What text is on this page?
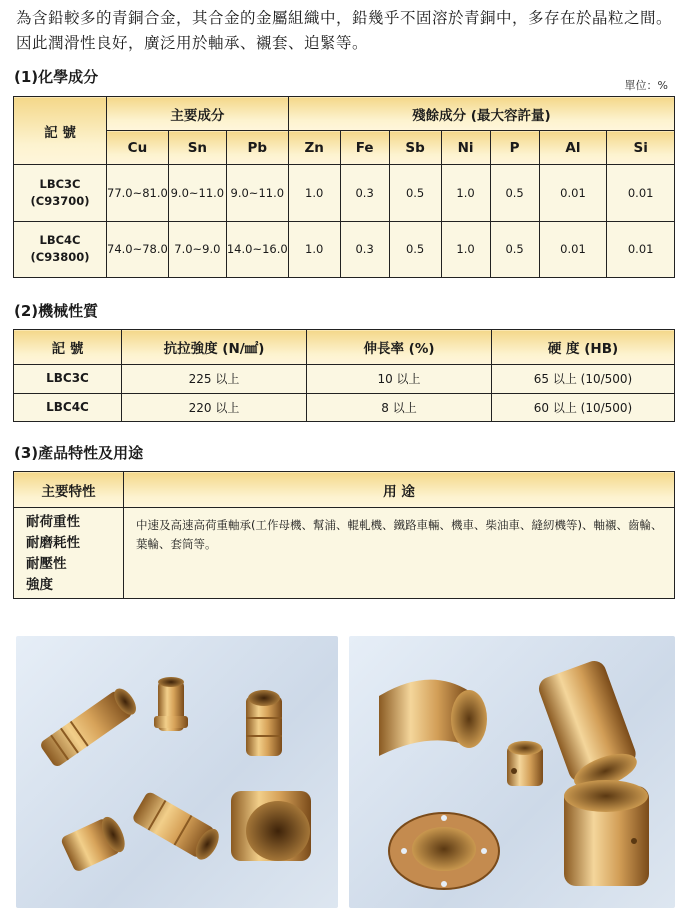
為含鉛較多的青銅合金，其合金的金屬組織中，鉛幾乎不固溶於青銅中，多存在於晶粒之間。因此潤滑性良好，廣泛用於軸承、襯套、迫緊等。
(1)化學成分	單位：%
記 號	主要成分			殘餘成分 (最大容許量)						
	Cu	Sn	Pb	Zn	Fe	Sb	Ni	P	Al	Si

LBC3C
(C93700)	77.0~81.0	9.0~11.0	9.0~11.0	1.0	0.3	0.5	1.0	0.5	0.01	0.01

LBC4C
(C93800)	74.0~78.0	7.0~9.0	14.0~16.0	1.0	0.3	0.5	1.0	0.5	0.01	0.01
(2)機械性質
記 號	抗拉強度 (N/㎟)	伸長率 (%)	硬 度 (HB)
LBC3C	225 以上	10 以上	65 以上 (10/500)
LBC4C	220 以上	8 以上	60 以上 (10/500)
(3)產品特性及用途
主要特性	用 途

耐荷重性
耐磨耗性
耐壓性
強度	中速及高速高荷重軸承(工作母機、幫浦、輥軋機、鐵路車輛、機車、柴油車、縫紉機等)、軸襯、齒輪、葉輪、套筒等。
